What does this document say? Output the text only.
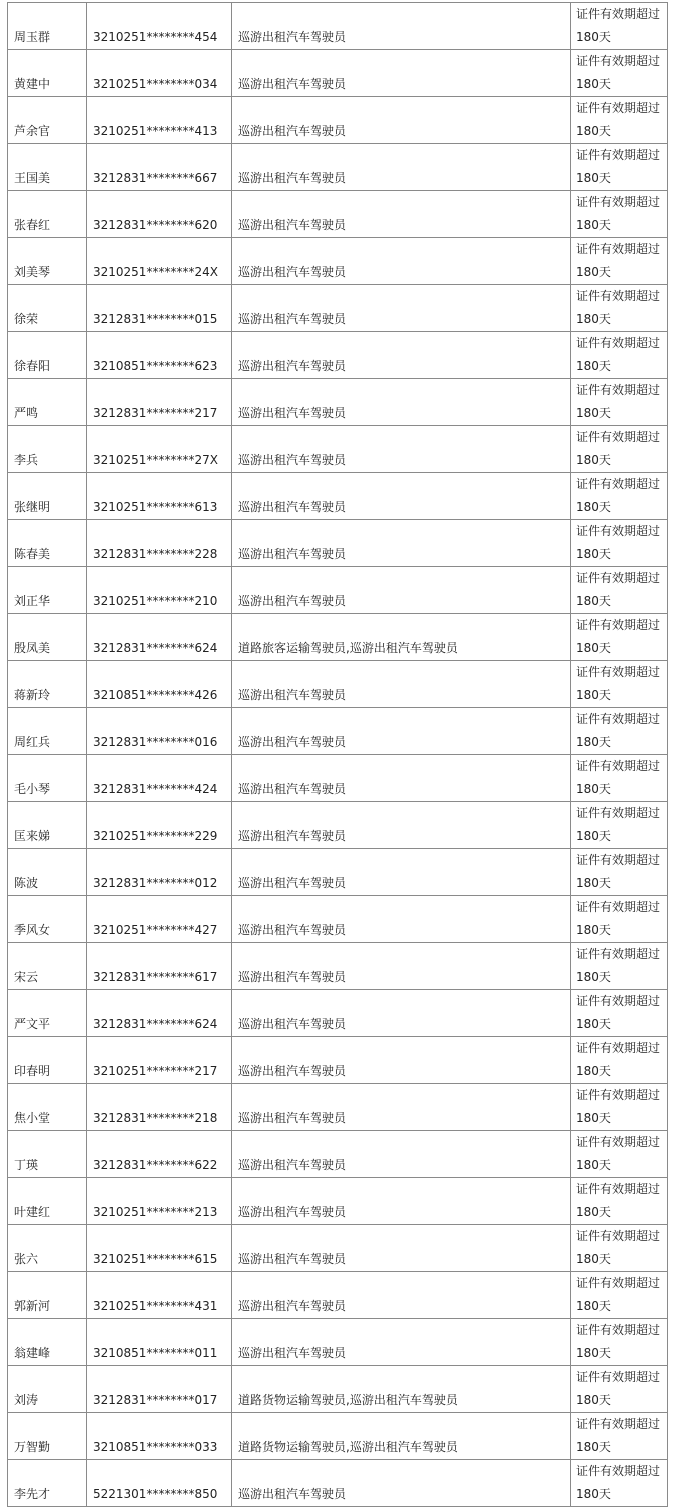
周玉群	3210251********454	巡游出租汽车驾驶员	证件有效期超过180天
黄建中	3210251********034	巡游出租汽车驾驶员	证件有效期超过180天
芦余官	3210251********413	巡游出租汽车驾驶员	证件有效期超过180天
王国美	3212831********667	巡游出租汽车驾驶员	证件有效期超过180天
张春红	3212831********620	巡游出租汽车驾驶员	证件有效期超过180天
刘美琴	3210251********24X	巡游出租汽车驾驶员	证件有效期超过180天
徐荣	3212831********015	巡游出租汽车驾驶员	证件有效期超过180天
徐春阳	3210851********623	巡游出租汽车驾驶员	证件有效期超过180天
严鸣	3212831********217	巡游出租汽车驾驶员	证件有效期超过180天
李兵	3210251********27X	巡游出租汽车驾驶员	证件有效期超过180天
张继明	3210251********613	巡游出租汽车驾驶员	证件有效期超过180天
陈春美	3212831********228	巡游出租汽车驾驶员	证件有效期超过180天
刘正华	3210251********210	巡游出租汽车驾驶员	证件有效期超过180天
殷凤美	3212831********624	道路旅客运输驾驶员,巡游出租汽车驾驶员	证件有效期超过180天
蒋新玲	3210851********426	巡游出租汽车驾驶员	证件有效期超过180天
周红兵	3212831********016	巡游出租汽车驾驶员	证件有效期超过180天
毛小琴	3212831********424	巡游出租汽车驾驶员	证件有效期超过180天
匡来娣	3210251********229	巡游出租汽车驾驶员	证件有效期超过180天
陈波	3212831********012	巡游出租汽车驾驶员	证件有效期超过180天
季风女	3210251********427	巡游出租汽车驾驶员	证件有效期超过180天
宋云	3212831********617	巡游出租汽车驾驶员	证件有效期超过180天
严文平	3212831********624	巡游出租汽车驾驶员	证件有效期超过180天
印春明	3210251********217	巡游出租汽车驾驶员	证件有效期超过180天
焦小堂	3212831********218	巡游出租汽车驾驶员	证件有效期超过180天
丁瑛	3212831********622	巡游出租汽车驾驶员	证件有效期超过180天
叶建红	3210251********213	巡游出租汽车驾驶员	证件有效期超过180天
张六	3210251********615	巡游出租汽车驾驶员	证件有效期超过180天
郭新河	3210251********431	巡游出租汽车驾驶员	证件有效期超过180天
翁建峰	3210851********011	巡游出租汽车驾驶员	证件有效期超过180天
刘涛	3212831********017	道路货物运输驾驶员,巡游出租汽车驾驶员	证件有效期超过180天
万智勤	3210851********033	道路货物运输驾驶员,巡游出租汽车驾驶员	证件有效期超过180天
李先才	5221301********850	巡游出租汽车驾驶员	证件有效期超过180天
